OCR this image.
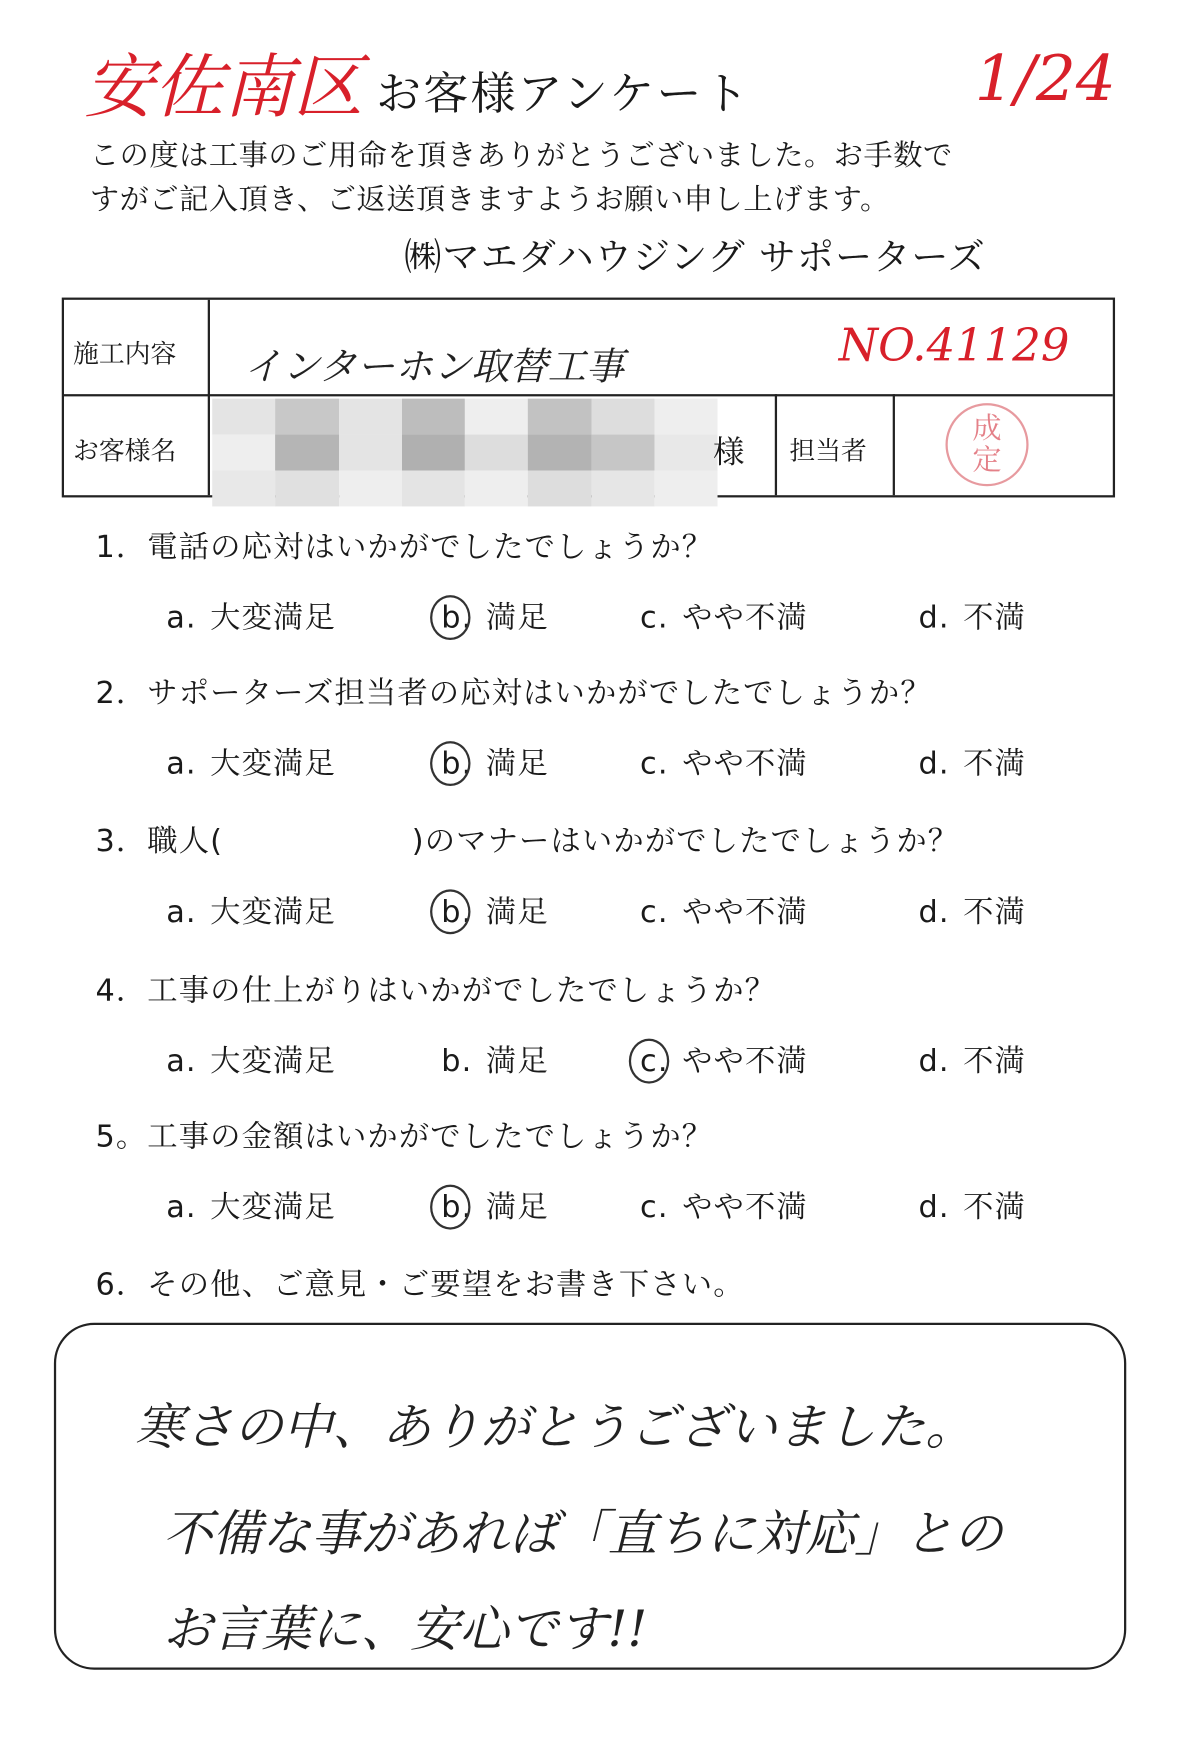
安佐南区 お客様アンケート	1/24
この度は工事のご用命を頂きありがとうございました。お手数で
すがご記入頂き、ご返送頂きますようお願い申し上げます。
㈱マエダハウジング サポーターズ
施工内容 インターホン取替工事	NO.41129
お客様名	様 担当者
成
定
1．電話の応対はいかがでしたでしょうか？
a. 大変満足	b. 満足	c. やや不満	d. 不満
2．サポーターズ担当者の応対はいかがでしたでしょうか？
a. 大変満足	b. 満足	c. やや不満	d. 不満
3．職人(　　　　　　)のマナーはいかがでしたでしょうか？
a. 大変満足	b. 満足	c. やや不満	d. 不満
4．工事の仕上がりはいかがでしたでしょうか？
a. 大変満足	b. 満足	c. やや不満	d. 不満
5。工事の金額はいかがでしたでしょうか？
a. 大変満足	b. 満足	c. やや不満	d. 不満
6．その他、ご意見・ご要望をお書き下さい。
寒さの中、ありがとうございました。
不備な事があれば「直ちに対応」との
お言葉に、安心です!!
